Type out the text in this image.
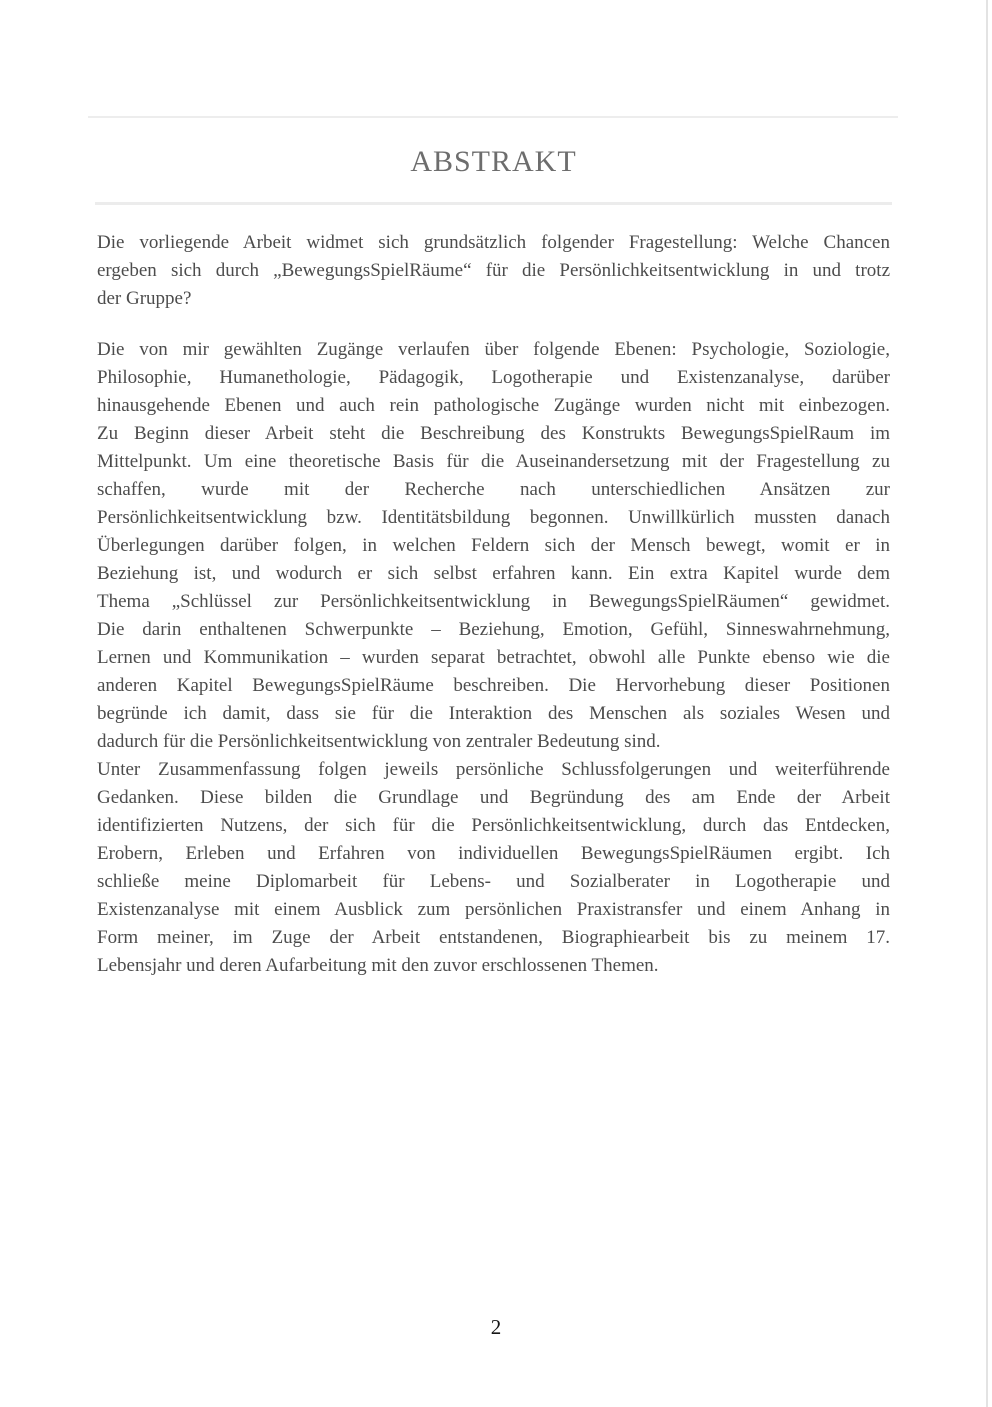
ABSTRAKT
Die vorliegende Arbeit widmet sich grundsätzlich folgender Fragestellung: Welche Chancen
ergeben sich durch „BewegungsSpielRäume“ für die Persönlichkeitsentwicklung in und trotz
der Gruppe?
Die von mir gewählten Zugänge verlaufen über folgende Ebenen: Psychologie, Soziologie,
Philosophie, Humanethologie, Pädagogik, Logotherapie und Existenzanalyse, darüber
hinausgehende Ebenen und auch rein pathologische Zugänge wurden nicht mit einbezogen.
Zu Beginn dieser Arbeit steht die Beschreibung des Konstrukts BewegungsSpielRaum im
Mittelpunkt. Um eine theoretische Basis für die Auseinandersetzung mit der Fragestellung zu
schaffen, wurde mit der Recherche nach unterschiedlichen Ansätzen zur
Persönlichkeitsentwicklung bzw. Identitätsbildung begonnen. Unwillkürlich mussten danach
Überlegungen darüber folgen, in welchen Feldern sich der Mensch bewegt, womit er in
Beziehung ist, und wodurch er sich selbst erfahren kann. Ein extra Kapitel wurde dem
Thema „Schlüssel zur Persönlichkeitsentwicklung in BewegungsSpielRäumen“ gewidmet.
Die darin enthaltenen Schwerpunkte – Beziehung, Emotion, Gefühl, Sinneswahrnehmung,
Lernen und Kommunikation – wurden separat betrachtet, obwohl alle Punkte ebenso wie die
anderen Kapitel BewegungsSpielRäume beschreiben. Die Hervorhebung dieser Positionen
begründe ich damit, dass sie für die Interaktion des Menschen als soziales Wesen und
dadurch für die Persönlichkeitsentwicklung von zentraler Bedeutung sind.
Unter Zusammenfassung folgen jeweils persönliche Schlussfolgerungen und weiterführende
Gedanken. Diese bilden die Grundlage und Begründung des am Ende der Arbeit
identifizierten Nutzens, der sich für die Persönlichkeitsentwicklung, durch das Entdecken,
Erobern, Erleben und Erfahren von individuellen BewegungsSpielRäumen ergibt. Ich
schließe meine Diplomarbeit für Lebens- und Sozialberater in Logotherapie und
Existenzanalyse mit einem Ausblick zum persönlichen Praxistransfer und einem Anhang in
Form meiner, im Zuge der Arbeit entstandenen, Biographiearbeit bis zu meinem 17.
Lebensjahr und deren Aufarbeitung mit den zuvor erschlossenen Themen.
2
